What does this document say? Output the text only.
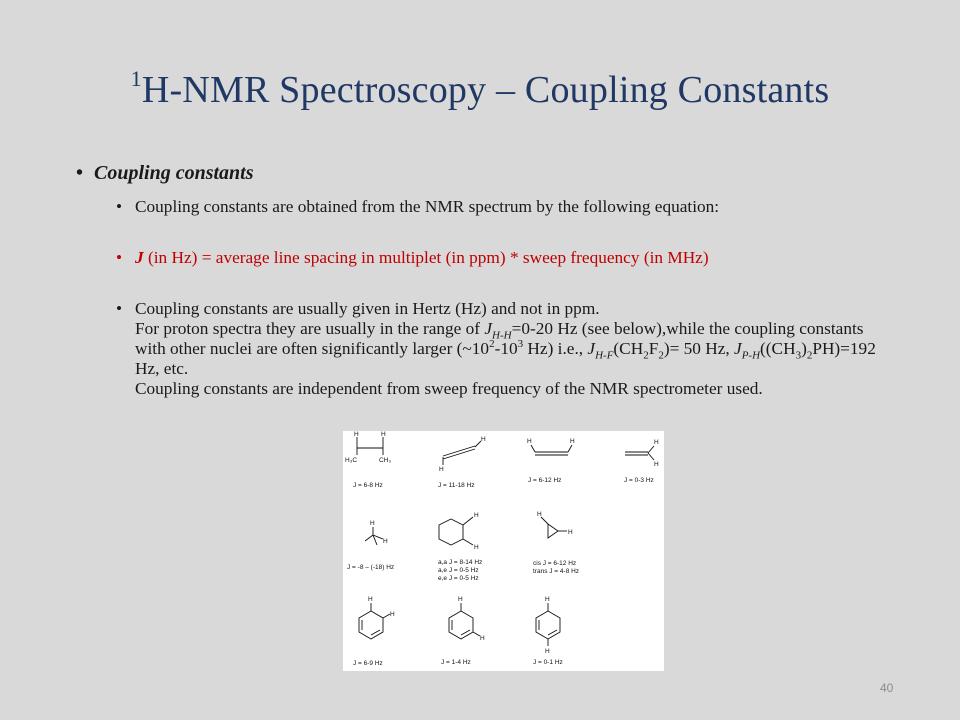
$^1$H-NMR Spectroscopy – Coupling Constants
• Coupling constants
• Coupling constants are obtained from the NMR spectrum by the following equation:
• J (in Hz) = average line spacing in multiplet (in ppm) * sweep frequency (in MHz)
• Coupling constants are usually given in Hertz (Hz) and not in ppm.
For proton spectra they are usually in the range of $J_{H-H}=0-20$ Hz (see below),while the coupling constants with other nuclei are often significantly larger ($\sim 10^2-10^3$ Hz) i.e., $J_{H-F}(CH_2F_2)= 50$ Hz, $J_{P-H}((CH_3)_2PH)=192$ Hz, etc.
Coupling constants are independent from sweep frequency of the NMR spectrometer used.
H	H
H₃C	CH₃
J = 6-8 Hz
H
H
J = 11-18 Hz
H	H
J = 6-12 Hz
H
H
J = 0-3 Hz
H
H
J = -8 – (-18) Hz
H
H
a,a J = 8-14 Hz
a,e J = 0-5 Hz
e,e J = 0-5 Hz
H
H
cis J = 6-12 Hz
trans J = 4-8 Hz
H
H
J = 6-9 Hz
H
H
J = 1-4 Hz
H
H
J = 0-1 Hz
40
